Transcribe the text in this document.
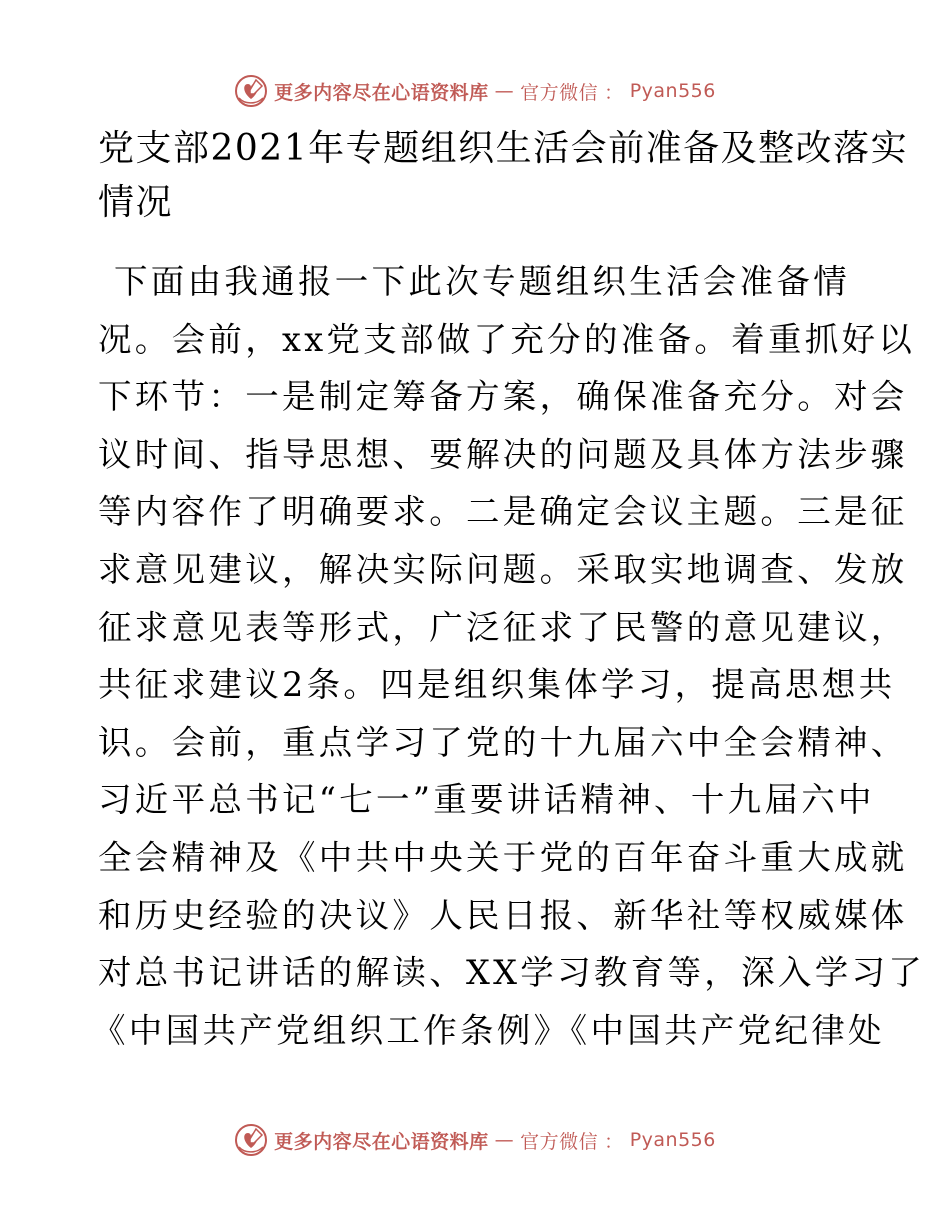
更多内容尽在心语资料库 — 官方微信 ： Pyan556
党支部2021年专题组织生活会前准备及整改落实
情况
下面由我通报一下此次专题组织生活会准备情
况。会前，xx党支部做了充分的准备。着重抓好以
下环节：一是制定筹备方案，确保准备充分。对会
议时间、指导思想、要解决的问题及具体方法步骤
等内容作了明确要求。二是确定会议主题。三是征
求意见建议，解决实际问题。采取实地调查、发放
征求意见表等形式，广泛征求了民警的意见建议，
共征求建议2条。四是组织集体学习，提高思想共
识。会前，重点学习了党的十九届六中全会精神、
习近平总书记“七一”重要讲话精神、十九届六中
全会精神及《中共中央关于党的百年奋斗重大成就
和历史经验的决议》人民日报、新华社等权威媒体
对总书记讲话的解读、XX学习教育等，深入学习了
《中国共产党组织工作条例》《中国共产党纪律处
更多内容尽在心语资料库 — 官方微信 ： Pyan556
